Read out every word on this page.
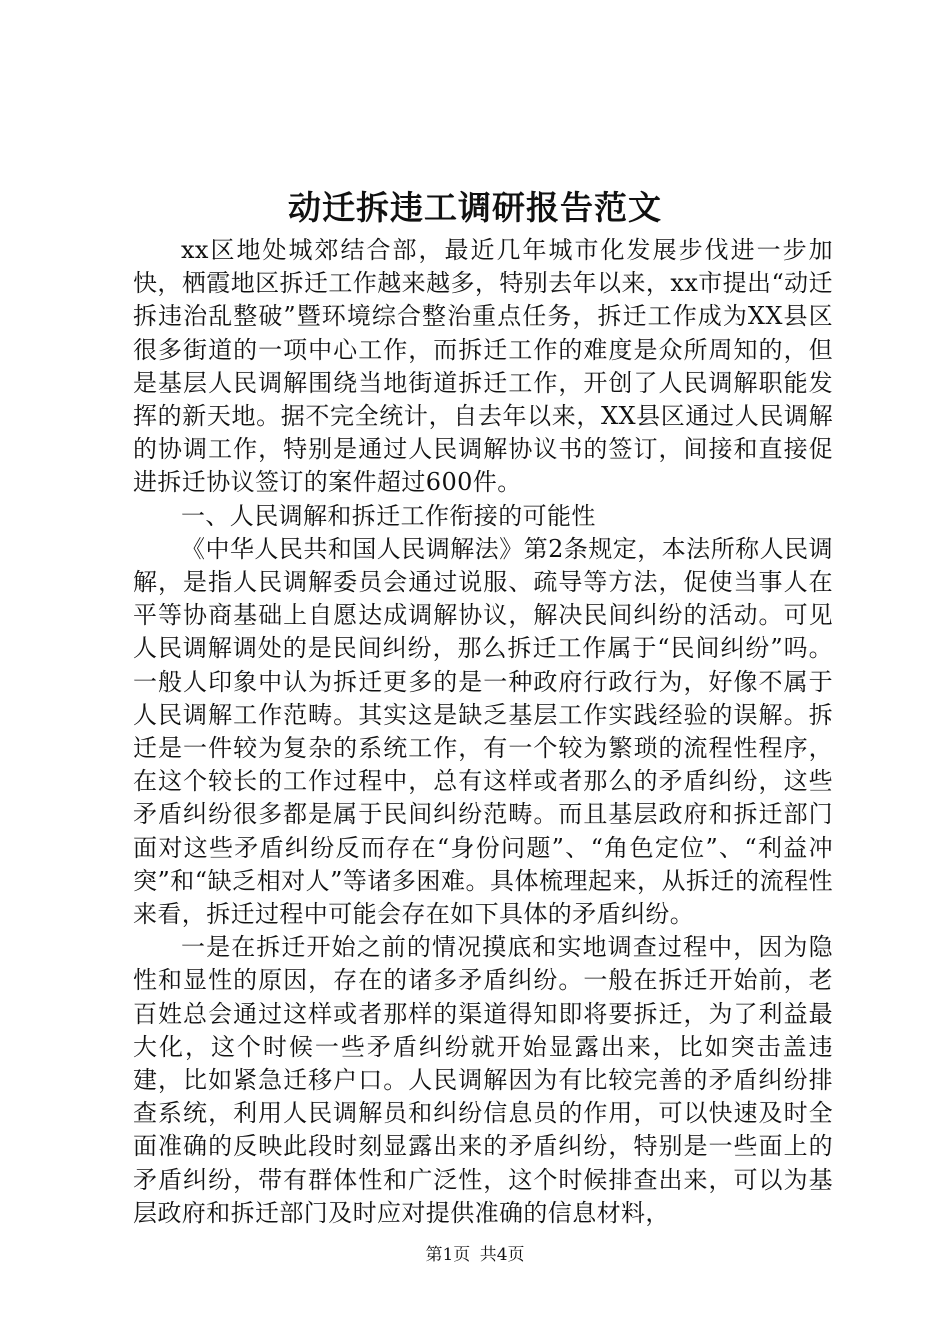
动迁拆违工调研报告范文

xx区地处城郊结合部，最近几年城市化发展步伐进一步加快，栖霞地区拆迁工作越来越多，特别去年以来，xx市提出“动迁拆违治乱整破”暨环境综合整治重点任务，拆迁工作成为XX县区很多街道的一项中心工作，而拆迁工作的难度是众所周知的，但是基层人民调解围绕当地街道拆迁工作，开创了人民调解职能发挥的新天地。据不完全统计，自去年以来，XX县区通过人民调解的协调工作，特别是通过人民调解协议书的签订，间接和直接促进拆迁协议签订的案件超过600件。

一、人民调解和拆迁工作衔接的可能性

《中华人民共和国人民调解法》第2条规定，本法所称人民调解，是指人民调解委员会通过说服、疏导等方法，促使当事人在平等协商基础上自愿达成调解协议，解决民间纠纷的活动。可见人民调解调处的是民间纠纷，那么拆迁工作属于“民间纠纷”吗。一般人印象中认为拆迁更多的是一种政府行政行为，好像不属于人民调解工作范畴。其实这是缺乏基层工作实践经验的误解。拆迁是一件较为复杂的系统工作，有一个较为繁琐的流程性程序，在这个较长的工作过程中，总有这样或者那么的矛盾纠纷，这些矛盾纠纷很多都是属于民间纠纷范畴。而且基层政府和拆迁部门面对这些矛盾纠纷反而存在“身份问题”、“角色定位”、“利益冲突”和“缺乏相对人”等诸多困难。具体梳理起来，从拆迁的流程性来看，拆迁过程中可能会存在如下具体的矛盾纠纷。

一是在拆迁开始之前的情况摸底和实地调查过程中，因为隐性和显性的原因，存在的诸多矛盾纠纷。一般在拆迁开始前，老百姓总会通过这样或者那样的渠道得知即将要拆迁，为了利益最大化，这个时候一些矛盾纠纷就开始显露出来，比如突击盖违建，比如紧急迁移户口。人民调解因为有比较完善的矛盾纠纷排查系统，利用人民调解员和纠纷信息员的作用，可以快速及时全面准确的反映此段时刻显露出来的矛盾纠纷，特别是一些面上的矛盾纠纷，带有群体性和广泛性，这个时候排查出来，可以为基层政府和拆迁部门及时应对提供准确的信息材料，

第1页 共4页
